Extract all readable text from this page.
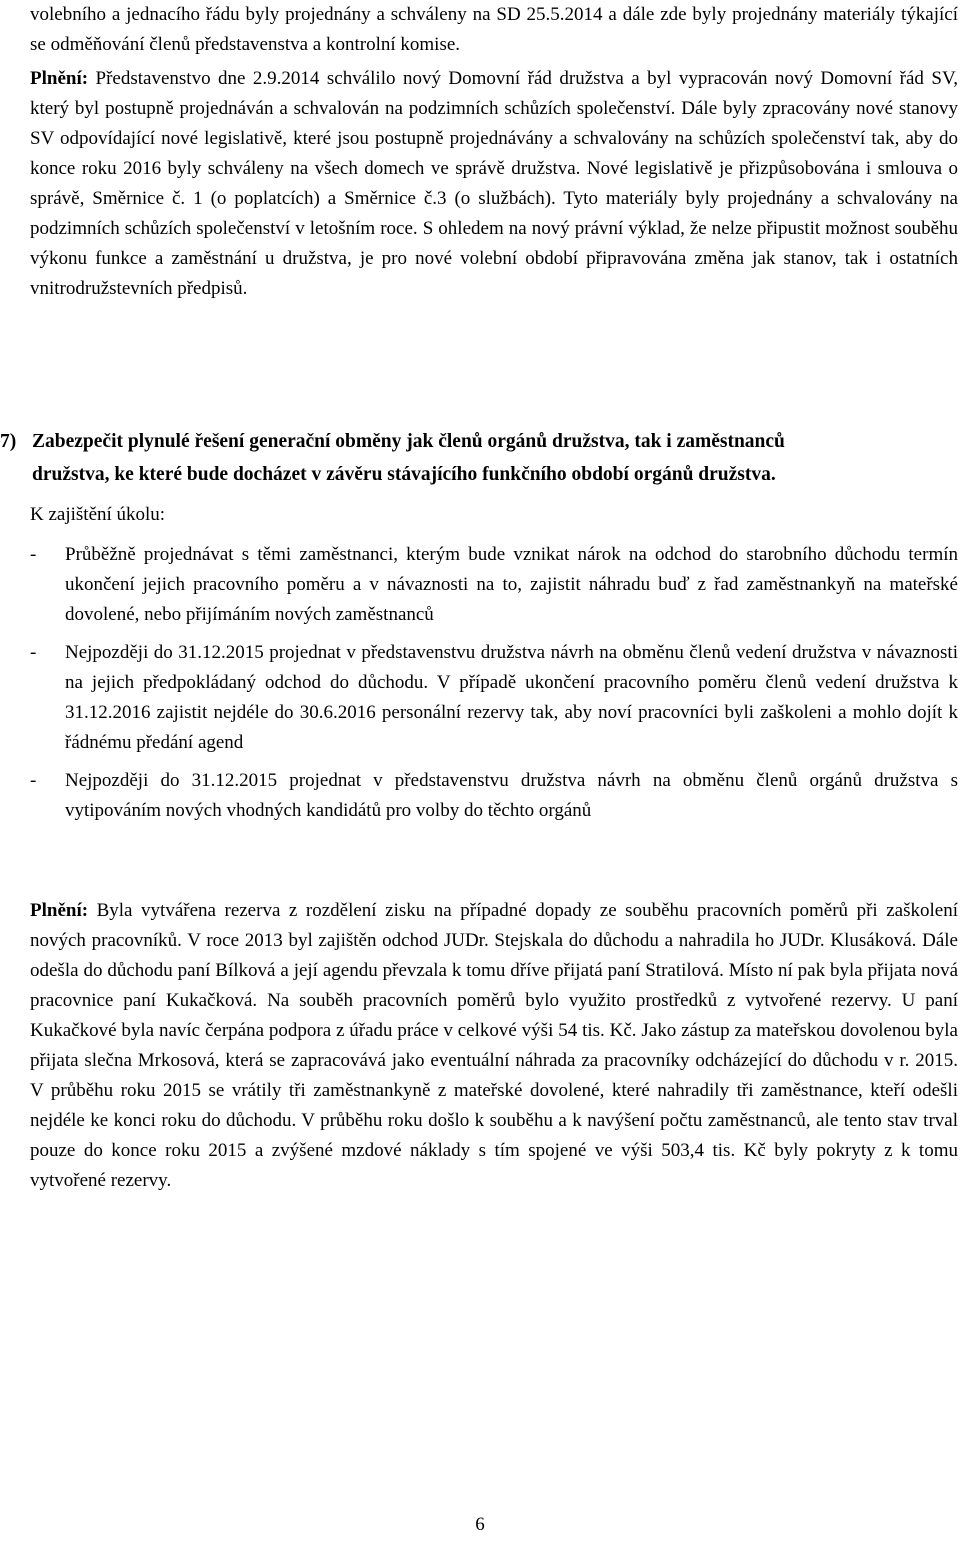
volebního a jednacího řádu byly projednány a schváleny na SD 25.5.2014 a dále zde byly projednány materiály týkající se odměňování členů představenstva a kontrolní komise.

Plnění: Představenstvo dne 2.9.2014 schválilo nový Domovní řád družstva a byl vypracován nový Domovní řád SV, který byl postupně projednáván a schvalován na podzimních schůzích společenství. Dále byly zpracovány nové stanovy SV odpovídající nové legislativě, které jsou postupně projednávány a schvalovány na schůzích společenství tak, aby do konce roku 2016 byly schváleny na všech domech ve správě družstva. Nové legislativě je přizpůsobována i smlouva o správě, Směrnice č. 1 (o poplatcích) a Směrnice č.3 (o službách). Tyto materiály byly projednány a schvalovány na podzimních schůzích společenství v letošním roce. S ohledem na nový právní výklad, že nelze připustit možnost souběhu výkonu funkce a zaměstnání u družstva, je pro nové volební období připravována změna jak stanov, tak i ostatních vnitrodružstevních předpisů.

7) Zabezpečit plynulé řešení generační obměny jak členů orgánů družstva, tak i zaměstnanců
družstva, ke které bude docházet v závěru stávajícího funkčního období orgánů družstva.

K zajištění úkolu:

- Průběžně projednávat s těmi zaměstnanci, kterým bude vznikat nárok na odchod do starobního důchodu termín ukončení jejich pracovního poměru a v návaznosti na to, zajistit náhradu buď z řad zaměstnankyň na mateřské dovolené, nebo přijímáním nových zaměstnanců
- Nejpozději do 31.12.2015 projednat v představenstvu družstva návrh na obměnu členů vedení družstva v návaznosti na jejich předpokládaný odchod do důchodu. V případě ukončení pracovního poměru členů vedení družstva k 31.12.2016 zajistit nejdéle do 30.6.2016 personální rezervy tak, aby noví pracovníci byli zaškoleni a mohlo dojít k řádnému předání agend
- Nejpozději do 31.12.2015 projednat v představenstvu družstva návrh na obměnu členů orgánů družstva s vytipováním nových vhodných kandidátů pro volby do těchto orgánů

Plnění: Byla vytvářena rezerva z rozdělení zisku na případné dopady ze souběhu pracovních poměrů při zaškolení nových pracovníků. V roce 2013 byl zajištěn odchod JUDr. Stejskala do důchodu a nahradila ho JUDr. Klusáková. Dále odešla do důchodu paní Bílková a její agendu převzala k tomu dříve přijatá paní Stratilová. Místo ní pak byla přijata nová pracovnice paní Kukačková. Na souběh pracovních poměrů bylo využito prostředků z vytvořené rezervy. U paní Kukačkové byla navíc čerpána podpora z úřadu práce v celkové výši 54 tis. Kč. Jako zástup za mateřskou dovolenou byla přijata slečna Mrkosová, která se zapracovává jako eventuální náhrada za pracovníky odcházející do důchodu v r. 2015. V průběhu roku 2015 se vrátily tři zaměstnankyně z mateřské dovolené, které nahradily tři zaměstnance, kteří odešli nejdéle ke konci roku do důchodu. V průběhu roku došlo k souběhu a k navýšení počtu zaměstnanců, ale tento stav trval pouze do konce roku 2015 a zvýšené mzdové náklady s tím spojené ve výši 503,4 tis. Kč byly pokryty z k tomu vytvořené rezervy.

6
